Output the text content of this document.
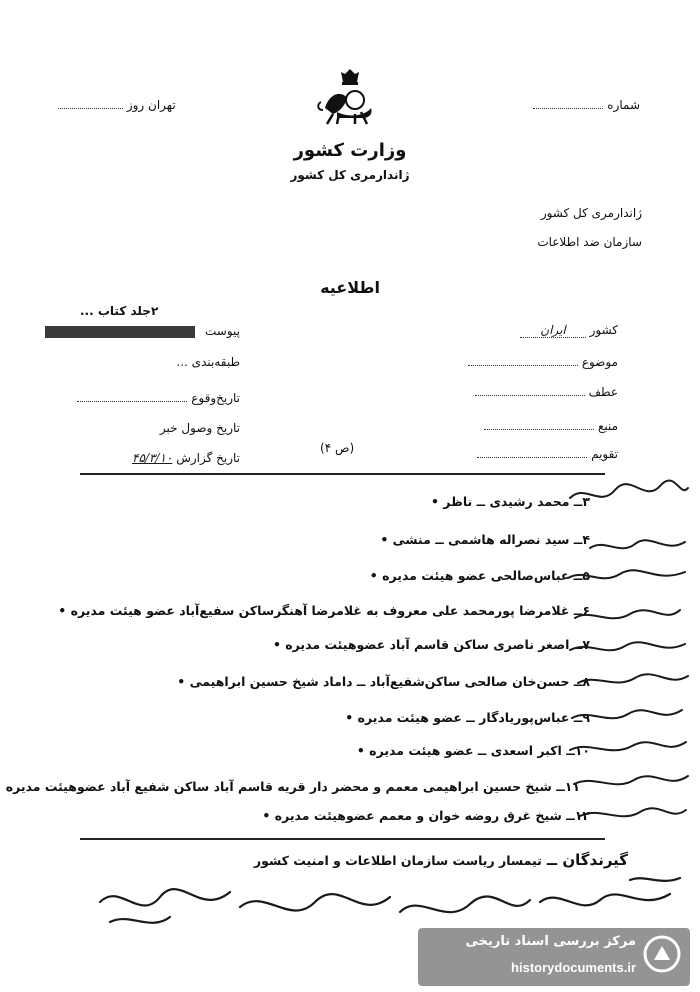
شماره
تهران روز
وزارت کشور
ژاندارمری کل کشور
ژاندارمری کل کشور
سازمان ضد اطلاعات
اطلاعیه
۲جلد کتاب ...
پیوست
طبقه‌بندی ...
تاریخ‌وقوع
تاریخ وصول خبر
تاریخ گزارش ۴۵/۳/۱۰
کشور ایران
موضوع
عطف
منبع
تقویم
(ص ۴)
۳ــ محمد رشیدی ــ ناظر •
۴ــ سید نصراله هاشمی ــ منشی •
۵ــ عباس‌صالحی عضو هیئت مدیره •
۶ــ غلامرضا پورمحمد علی معروف به غلامرضا آهنگرساکن سفیع‌آباد عضو هیئت مدیره •
۷ــ اصغر ناصری ساکن قاسم آباد عضوهیئت مدیره •
۸ــ حسن‌خان صالحی ساکن‌شفیع‌آباد ــ داماد شیخ حسین ابراهیمی •
۹ــ عباس‌پوریادگار ــ عضو هیئت مدیره •
۱۰ــ اکبر اسعدی ــ عضو هیئت مدیره •
۱۱ــ شیخ حسین ابراهیمی معمم و محضر دار قریه قاسم آباد ساکن شفیع آباد عضوهیئت مدیره
۱۲ــ شیخ غرق روضه خوان و معمم عضوهیئت مدیره •
گیرندگان ــ تیمسار ریاست سازمان اطلاعات و امنیت کشور
مرکز بررسی اسناد تاریخی
historydocuments.ir
